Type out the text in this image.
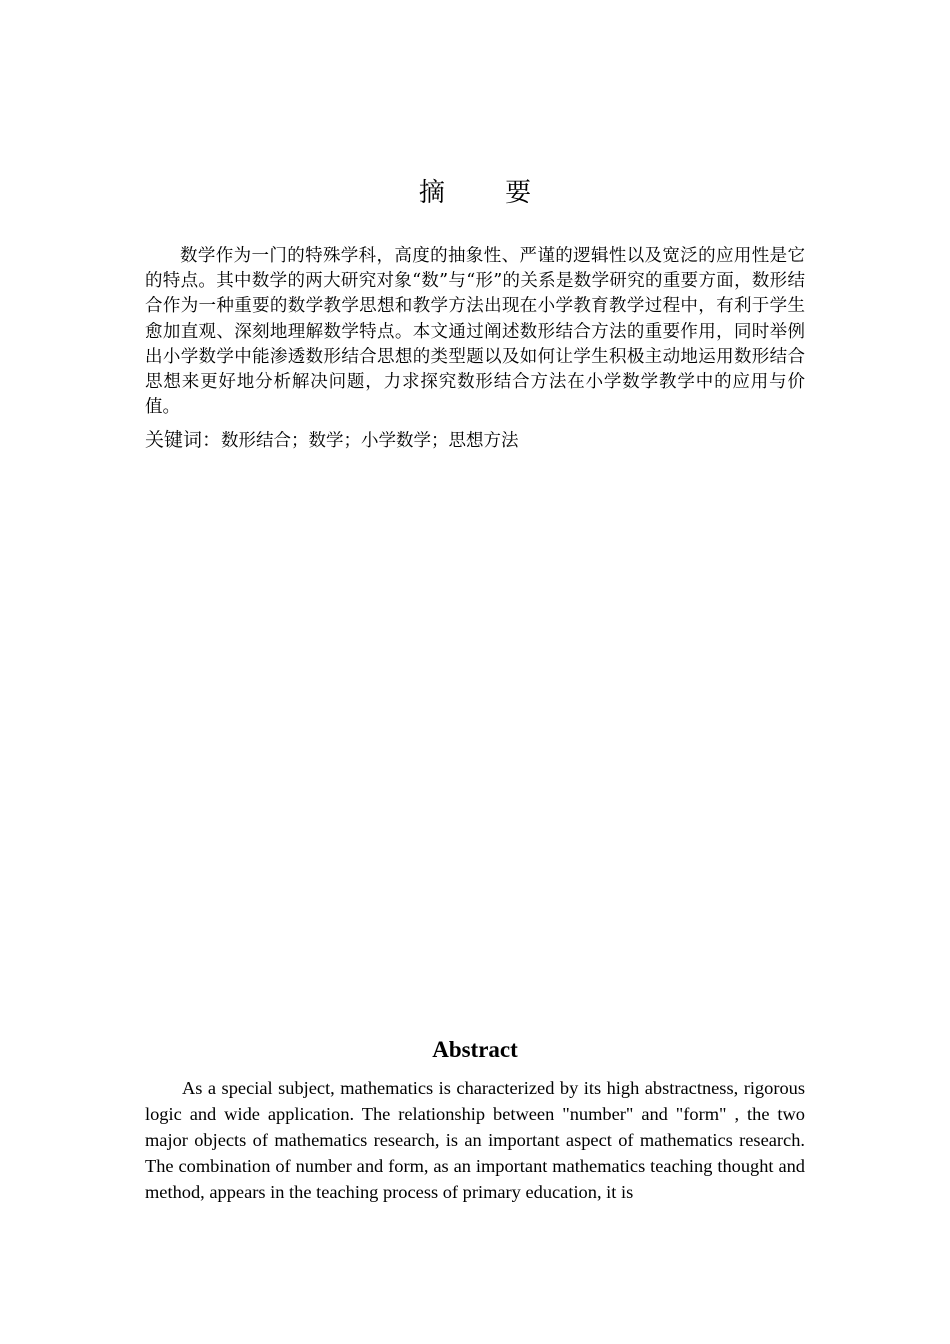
摘 要

数学作为一门的特殊学科，高度的抽象性、严谨的逻辑性以及宽泛的应用性是它的特点。其中数学的两大研究对象“数”与“形”的关系是数学研究的重要方面，数形结合作为一种重要的数学教学思想和教学方法出现在小学教育教学过程中，有利于学生愈加直观、深刻地理解数学特点。本文通过阐述数形结合方法的重要作用，同时举例出小学数学中能渗透数形结合思想的类型题以及如何让学生积极主动地运用数形结合思想来更好地分析解决问题，力求探究数形结合方法在小学数学教学中的应用与价值。

关键词：数形结合；数学；小学数学；思想方法

Abstract

As a special subject, mathematics is characterized by its high abstractness, rigorous logic and wide application. The relationship between "number" and "form" , the two major objects of mathematics research, is an important aspect of mathematics research. The combination of number and form, as an important mathematics teaching thought and method, appears in the teaching process of primary education, it is
